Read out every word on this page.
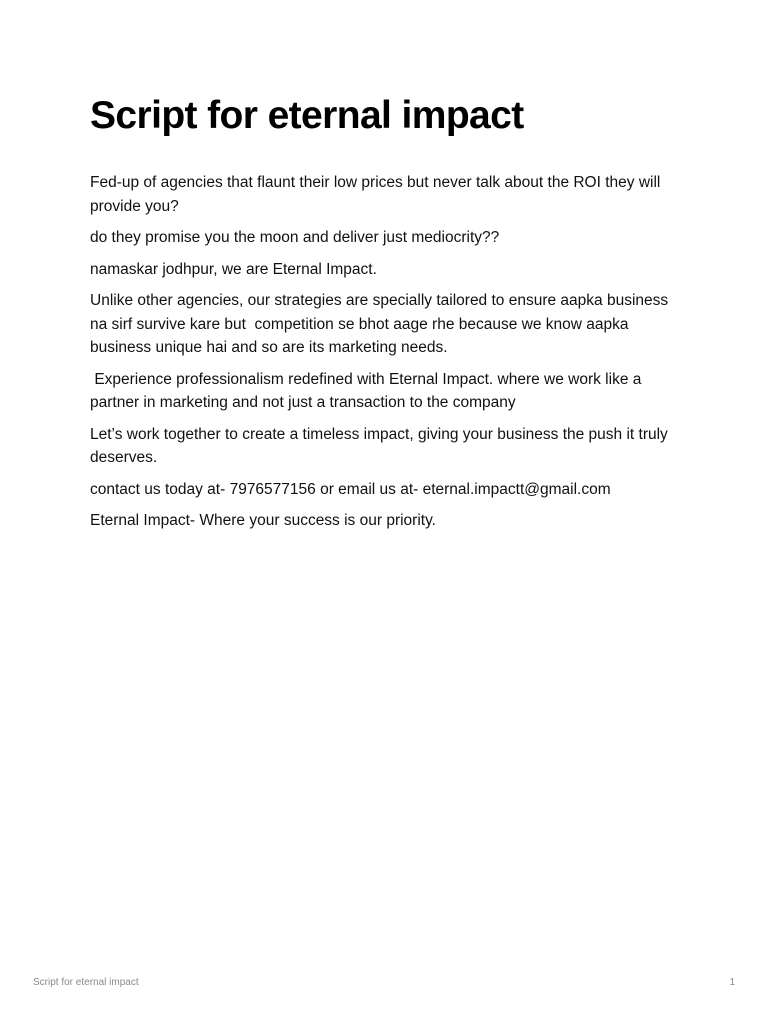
Script for eternal impact

Fed-up of agencies that flaunt their low prices but never talk about the ROI they will provide you?

do they promise you the moon and deliver just mediocrity??

namaskar jodhpur, we are Eternal Impact.

Unlike other agencies, our strategies are specially tailored to ensure aapka business na sirf survive kare but  competition se bhot aage rhe because we know aapka business unique hai and so are its marketing needs.

Experience professionalism redefined with Eternal Impact. where we work like a partner in marketing and not just a transaction to the company

Let’s work together to create a timeless impact, giving your business the push it truly deserves.

contact us today at- 7976577156 or email us at- eternal.impactt@gmail.com

Eternal Impact- Where your success is our priority.

Script for eternal impact	1
